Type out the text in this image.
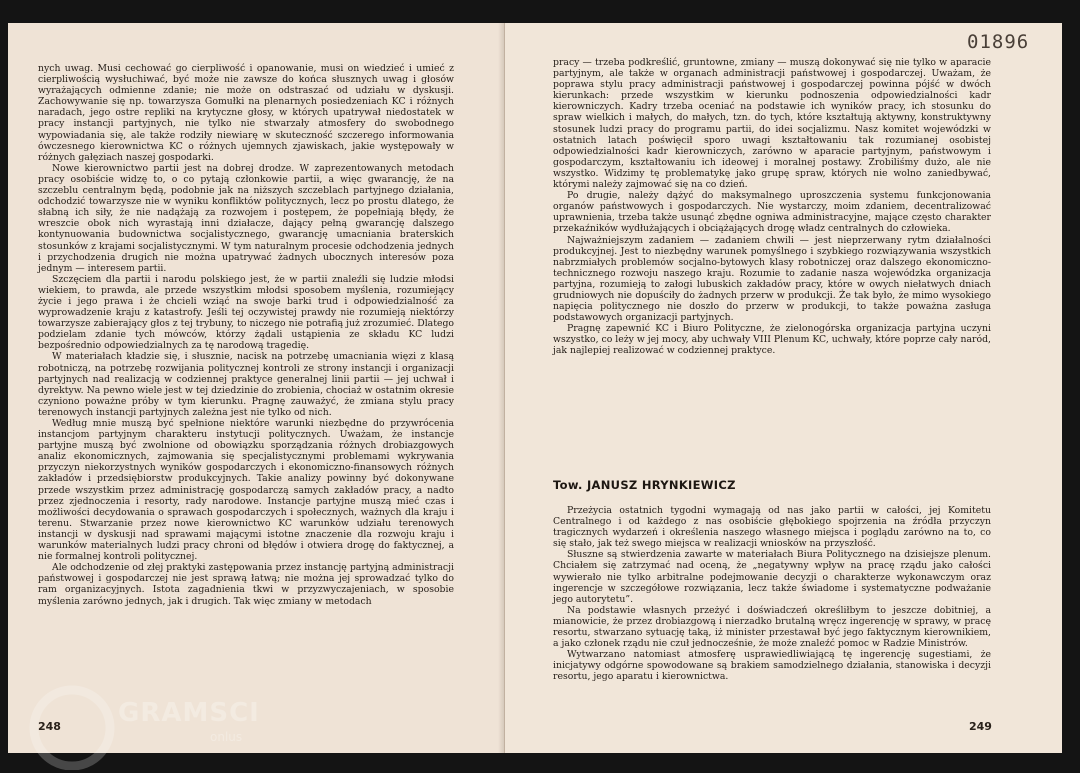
nych uwag. Musi cechować go cierpliwość i opanowanie, musi on wiedzieć i umieć z cierpliwością wysłuchiwać, być może nie zawsze do końca słusznych uwag i głosów wyrażających odmienne zdanie; nie może on odstraszać od udziału w dyskusji. Zachowywanie się np. towarzysza Gomułki na plenarnych posiedzeniach KC i różnych naradach, jego ostre repliki na krytyczne głosy, w których upatrywał niedostatek w pracy instancji partyjnych, nie tylko nie stwarzały atmosfery do swobodnego wypowiadania się, ale także rodziły niewiarę w skuteczność szczerego informowania ówczesnego kierownictwa KC o różnych ujemnych zjawiskach, jakie występowały w różnych gałęziach naszej gospodarki.

Nowe kierownictwo partii jest na dobrej drodze. W zaprezentowanych metodach pracy osobiście widzę to, o co pytają członkowie partii, a więc gwarancję, że na szczeblu centralnym będą, podobnie jak na niższych szczeblach partyjnego działania, odchodzić towarzysze nie w wyniku konfliktów politycznych, lecz po prostu dlatego, że słabną ich siły, że nie nadążają za rozwojem i postępem, że popełniają błędy, że wreszcie obok nich wyrastają inni działacze, dający pełną gwarancję dalszego kontynuowania budownictwa socjalistycznego, gwarancję umacniania braterskich stosunków z krajami socjalistycznymi. W tym naturalnym procesie odchodzenia jednych i przychodzenia drugich nie można upatrywać żadnych ubocznych interesów poza jednym — interesem partii.

Szczęciem dla partii i narodu polskiego jest, że w partii znaleźli się ludzie młodsi wiekiem, to prawda, ale przede wszystkim młodsi sposobem myślenia, rozumiejący życie i jego prawa i że chcieli wziąć na swoje barki trud i odpowiedzialność za wyprowadzenie kraju z katastrofy. Jeśli tej oczywistej prawdy nie rozumieją niektórzy towarzysze zabierający głos z tej trybuny, to niczego nie potrafią już zrozumieć. Dlatego podzielam zdanie tych mówców, którzy żądali ustąpienia ze składu KC ludzi bezpośrednio odpowiedzialnych za tę narodową tragedię.

W materiałach kładzie się, i słusznie, nacisk na potrzebę umacniania więzi z klasą robotniczą, na potrzebę rozwijania politycznej kontroli ze strony instancji i organizacji partyjnych nad realizacją w codziennej praktyce generalnej linii partii — jej uchwał i dyrektyw. Na pewno wiele jest w tej dziedzinie do zrobienia, chociaż w ostatnim okresie czyniono poważne próby w tym kierunku. Pragnę zauważyć, że zmiana stylu pracy terenowych instancji partyjnych zależna jest nie tylko od nich.

Według mnie muszą być spełnione niektóre warunki niezbędne do przywrócenia instancjom partyjnym charakteru instytucji politycznych. Uważam, że instancje partyjne muszą być zwolnione od obowiązku sporządzania różnych drobiazgowych analiz ekonomicznych, zajmowania się specjalistycznymi problemami wykrywania przyczyn niekorzystnych wyników gospodarczych i ekonomiczno-finansowych różnych zakładów i przedsiębiorstw produkcyjnych. Takie analizy powinny być dokonywane przede wszystkim przez administrację gospodarczą samych zakładów pracy, a nadto przez zjednoczenia i resorty, rady narodowe. Instancje partyjne muszą mieć czas i możliwości decydowania o sprawach gospodarczych i społecznych, ważnych dla kraju i terenu. Stwarzanie przez nowe kierownictwo KC warunków udziału terenowych instancji w dyskusji nad sprawami mającymi istotne znaczenie dla rozwoju kraju i warunków materialnych ludzi pracy chroni od błędów i otwiera drogę do faktycznej, a nie formalnej kontroli politycznej.

Ale odchodzenie od złej praktyki zastępowania przez instancję partyjną administracji państwowej i gospodarczej nie jest sprawą łatwą; nie można jej sprowadzać tylko do ram organizacyjnych. Istota zagadnienia tkwi w przyzwyczajeniach, w sposobie myślenia zarówno jednych, jak i drugich. Tak więc zmiany w metodach

248
01896

pracy — trzeba podkreślić, gruntowne, zmiany — muszą dokonywać się nie tylko w aparacie partyjnym, ale także w organach administracji państwowej i gospodarczej. Uważam, że poprawa stylu pracy administracji państwowej i gospodarczej powinna pójść w dwóch kierunkach: przede wszystkim w kierunku podnoszenia odpowiedzialności kadr kierowniczych. Kadry trzeba oceniać na podstawie ich wyników pracy, ich stosunku do spraw wielkich i małych, do małych, tzn. do tych, które kształtują aktywny, konstruktywny stosunek ludzi pracy do programu partii, do idei socjalizmu. Nasz komitet wojewódzki w ostatnich latach poświęcił sporo uwagi kształtowaniu tak rozumianej osobistej odpowiedzialności kadr kierowniczych, zarówno w aparacie partyjnym, państwowym i gospodarczym, kształtowaniu ich ideowej i moralnej postawy. Zrobiliśmy dużo, ale nie wszystko. Widzimy tę problematykę jako grupę spraw, których nie wolno zaniedbywać, którymi należy zajmować się na co dzień.

Po drugie, należy dążyć do maksymalnego uproszczenia systemu funkcjonowania organów państwowych i gospodarczych. Nie wystarczy, moim zdaniem, decentralizować uprawnienia, trzeba także usunąć zbędne ogniwa administracyjne, mające często charakter przekaźników wydłużających i obciążających drogę władz centralnych do człowieka.

Najważniejszym zadaniem — zadaniem chwili — jest nieprzerwany rytm działalności produkcyjnej. Jest to niezbędny warunek pomyślnego i szybkiego rozwiązywania wszystkich nabrzmiałych problemów socjalno-bytowych klasy robotniczej oraz dalszego ekonomiczno-technicznego rozwoju naszego kraju. Rozumie to zadanie nasza wojewódzka organizacja partyjna, rozumieją to załogi lubuskich zakładów pracy, które w owych niełatwych dniach grudniowych nie dopuściły do żadnych przerw w produkcji. Że tak było, że mimo wysokiego napięcia politycznego nie doszło do przerw w produkcji, to także poważna zasługa podstawowych organizacji partyjnych.

Pragnę zapewnić KC i Biuro Polityczne, że zielonogórska organizacja partyjna uczyni wszystko, co leży w jej mocy, aby uchwały VIII Plenum KC, uchwały, które poprze cały naród, jak najlepiej realizować w codziennej praktyce.

Tow. JANUSZ HRYNKIEWICZ

Przeżycia ostatnich tygodni wymagają od nas jako partii w całości, jej Komitetu Centralnego i od każdego z nas osobiście głębokiego spojrzenia na źródła przyczyn tragicznych wydarzeń i określenia naszego własnego miejsca i poglądu zarówno na to, co się stało, jak też swego miejsca w realizacji wniosków na przyszłość.

Słuszne są stwierdzenia zawarte w materiałach Biura Politycznego na dzisiejsze plenum. Chciałem się zatrzymać nad oceną, że „negatywny wpływ na pracę rządu jako całości wywierało nie tylko arbitralne podejmowanie decyzji o charakterze wykonawczym oraz ingerencje w szczegółowe rozwiązania, lecz także świadome i systematyczne podważanie jego autorytetu”.

Na podstawie własnych przeżyć i doświadczeń określiłbym to jeszcze dobitniej, a mianowicie, że przez drobiazgową i nierzadko brutalną wręcz ingerencję w sprawy, w pracę resortu, stwarzano sytuację taką, iż minister przestawał być jego faktycznym kierownikiem, a jako członek rządu nie czuł jednocześnie, że może znaleźć pomoc w Radzie Ministrów.

Wytwarzano natomiast atmosferę usprawiedliwiającą tę ingerencję sugestiami, że inicjatywy odgórne spowodowane są brakiem samodzielnego działania, stanowiska i decyzji resortu, jego aparatu i kierownictwa.

249
GRAMSCI
onlus
